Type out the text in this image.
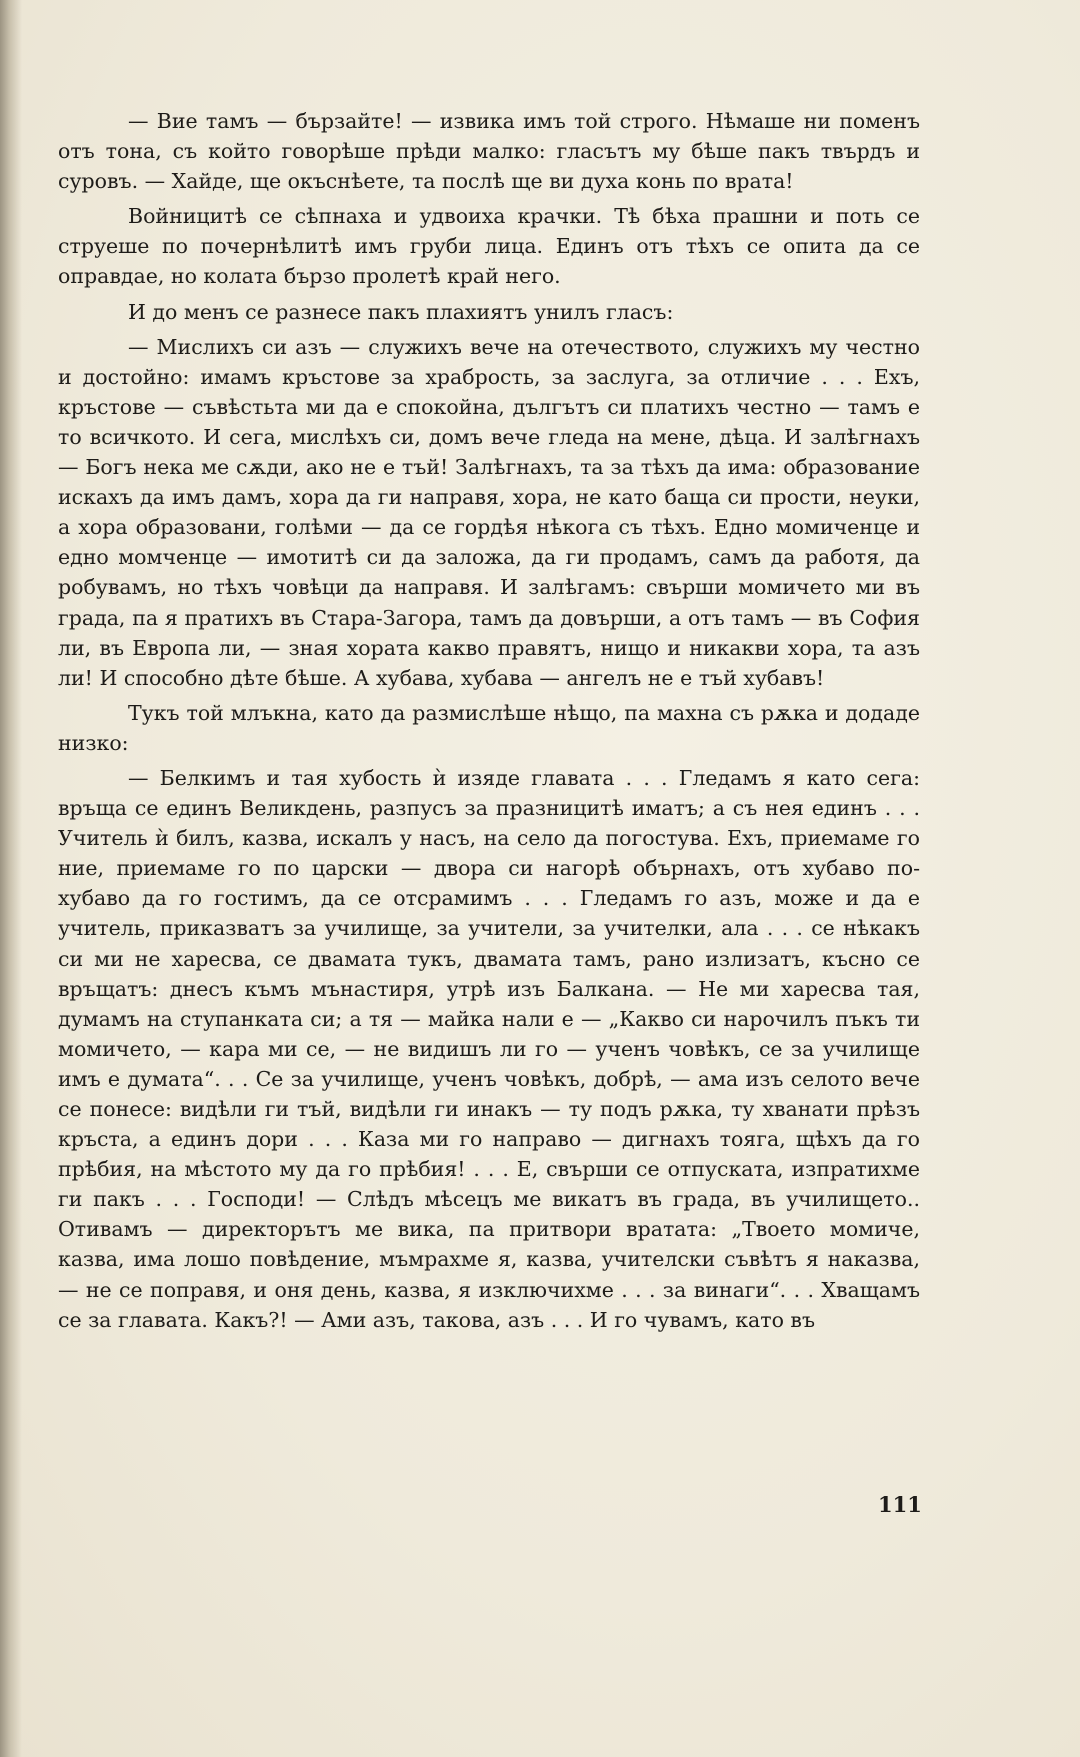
— Вие тамъ — бързайте! — извика имъ той строго. Нѣмаше ни поменъ отъ тона, съ който говорѣше прѣди малко: гласътъ му бѣше пакъ твърдъ и суровъ. — Хайде, ще окъснѣете, та послѣ ще ви духа конь по врата!

Войницитѣ се сѣпнаха и удвоиха крачки. Тѣ бѣха прашни и поть се струеше по почернѣлитѣ имъ груби лица. Единъ отъ тѣхъ се опита да се оправдае, но колата бързо пролетѣ край него.

И до менъ се разнесе пакъ плахиятъ унилъ гласъ:

— Мислихъ си азъ — служихъ вече на отечеството, служихъ му честно и достойно: имамъ кръстове за храбрость, за заслуга, за отличие . . . Ехъ, кръстове — съвѣстьта ми да е спокойна, дългътъ си платихъ честно — тамъ е то всичкото. И сега, мислѣхъ си, домъ вече гледа на мене, дѣца. И залѣгнахъ — Богъ нека ме сѫди, ако не е тъй! Залѣгнахъ, та за тѣхъ да има: образование искахъ да имъ дамъ, хора да ги направя, хора, не като баща си прости, неуки, а хора образовани, голѣми — да се гордѣя нѣкога съ тѣхъ. Едно момиченце и едно момченце — имотитѣ си да заложа, да ги продамъ, самъ да работя, да робувамъ, но тѣхъ човѣци да направя. И залѣгамъ: свърши момичето ми въ града, па я пратихъ въ Стара-Загора, тамъ да довърши, а отъ тамъ — въ София ли, въ Европа ли, — зная хората какво правятъ, нищо и никакви хора, та азъ ли! И способно дѣте бѣше. А хубава, хубава — ангелъ не е тъй хубавъ!

Тукъ той млъкна, като да размислѣше нѣщо, па махна съ рѫка и додаде низко:

— Белкимъ и тая хубость ѝ изяде главата . . . Гледамъ я като сега: връща се единъ Великдень, разпусъ за празницитѣ иматъ; а съ нея единъ . . . Учитель ѝ билъ, казва, искалъ у насъ, на село да погостува. Ехъ, приемаме го ние, приемаме го по царски — двора си нагорѣ обърнахъ, отъ хубаво по-хубаво да го гостимъ, да се отсрамимъ . . . Гледамъ го азъ, може и да е учитель, приказватъ за училище, за учители, за учителки, ала . . . се нѣкакъ си ми не харесва, се двамата тукъ, двамата тамъ, рано излизатъ, късно се връщатъ: днесъ къмъ мънастиря, утрѣ изъ Балкана. — Не ми харесва тая, думамъ на ступанката си; а тя — майка нали е — „Какво си нарочилъ пъкъ ти момичето, — кара ми се, — не видишъ ли го — ученъ човѣкъ, се за училище имъ е думата“. . . Се за училище, ученъ човѣкъ, добрѣ, — ама изъ селото вече се понесе: видѣли ги тъй, видѣли ги инакъ — ту подъ рѫка, ту хванати прѣзъ кръста, а единъ дори . . . Каза ми го направо — дигнахъ тояга, щѣхъ да го прѣбия, на мѣстото му да го прѣбия! . . . Е, свърши се отпуската, изпратихме ги пакъ . . . Господи! — Слѣдъ мѣсецъ ме викатъ въ града, въ училището.. Отивамъ — директорътъ ме вика, па притвори вратата: „Твоето момиче, казва, има лошо повѣдение, мъмрахме я, казва, учителски съвѣтъ я наказва, — не се поправя, и оня день, казва, я изключихме . . . за винаги“. . . Хващамъ се за главата. Какъ?! — Ами азъ, такова, азъ . . . И го чувамъ, като въ

111
